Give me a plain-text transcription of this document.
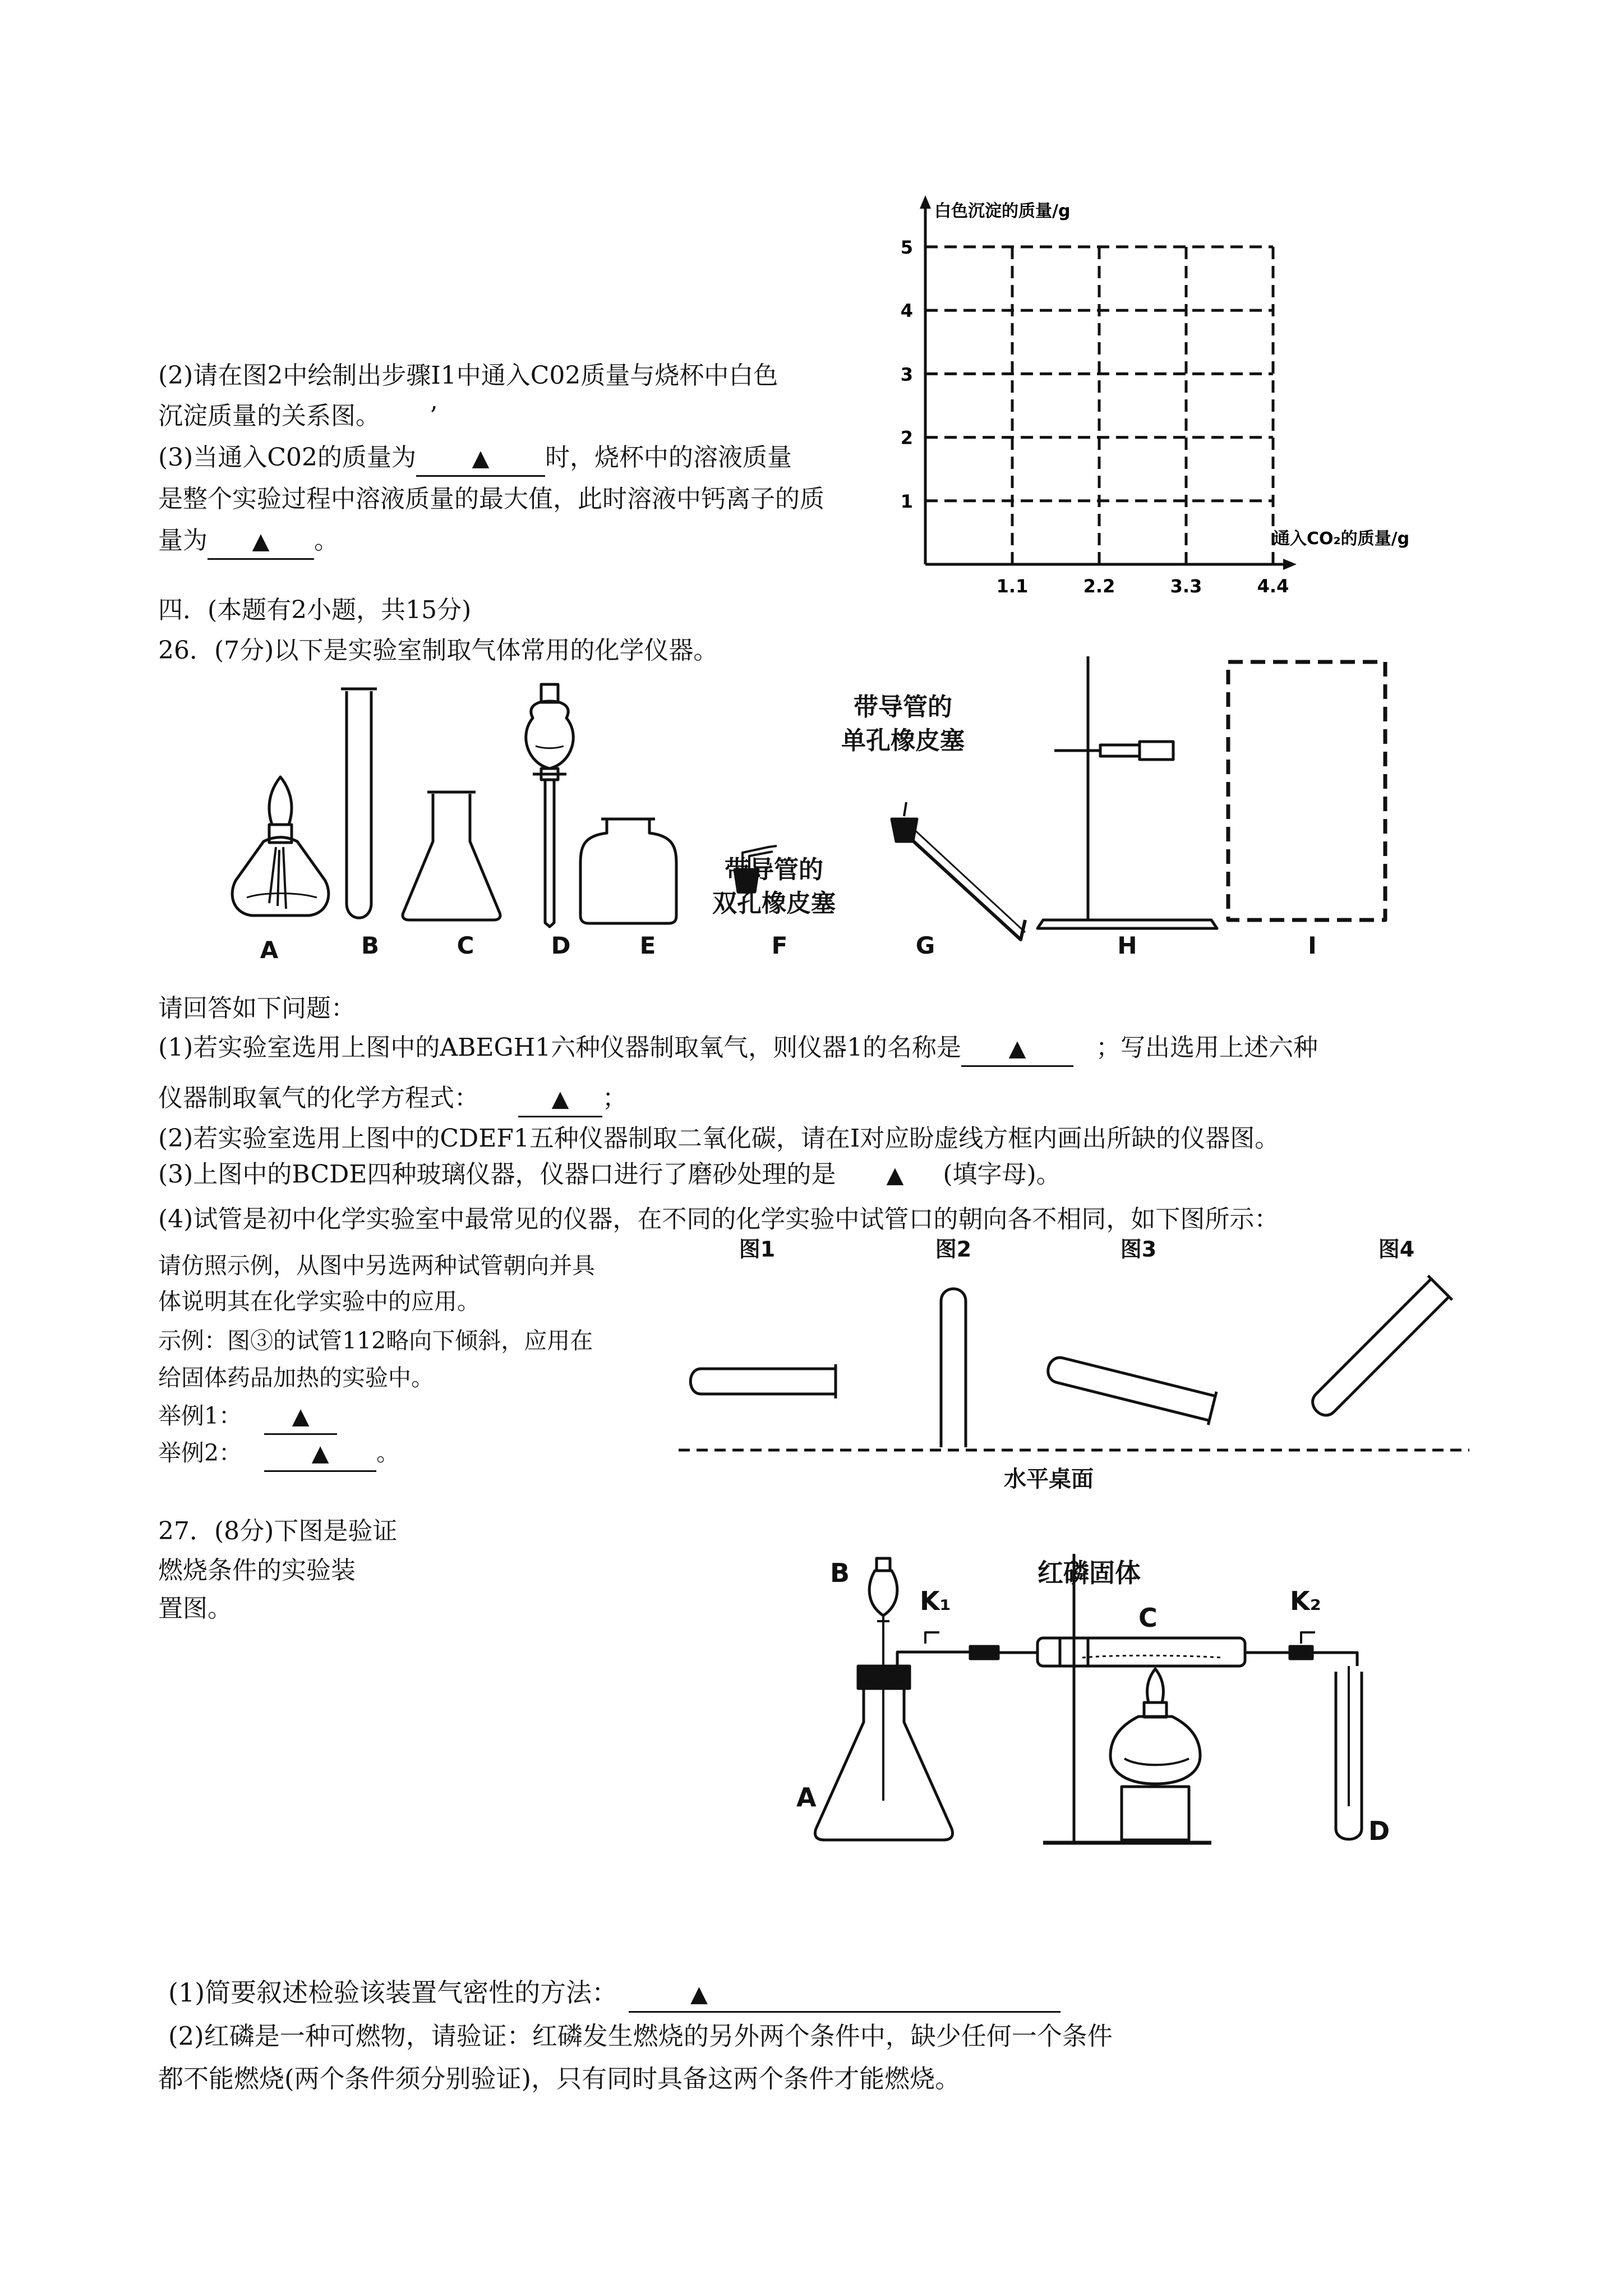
(2)请在图2中绘制出步骤I1中通入C02质量与烧杯中白色
沉淀质量的关系图。	’
(3)当通入C02的质量为 ▲ 时，烧杯中的溶液质量
是整个实验过程中溶液质量的最大值，此时溶液中钙离子的质
量为 ▲ 。
白色沉淀的质量/g
通入CO₂的质量/g
1
2
3
4
5
1.1	2.2	3.3	4.4
四．(本题有2小题，共15分)
26．(7分)以下是实验室制取气体常用的化学仪器。
A	B	C	D	E	F	G	H	I
带导管的
双孔橡皮塞
带导管的
单孔橡皮塞
请回答如下问题：
(1)若实验室选用上图中的ABEGH1六种仪器制取氧气，则仪器1的名称是 ▲	；写出选用上述六种
仪器制取氧气的化学方程式：	▲ ；
(2)若实验室选用上图中的CDEF1五种仪器制取二氧化碳，请在I对应盼虚线方框内画出所缺的仪器图。
(3)上图中的BCDE四种玻璃仪器，仪器口进行了磨砂处理的是 ▲ (填字母)。
(4)试管是初中化学实验室中最常见的仪器，在不同的化学实验中试管口的朝向各不相同，如下图所示：
请仿照示例，从图中另选两种试管朝向并具
体说明其在化学实验中的应用。
示例：图③的试管112略向下倾斜，应用在
给固体药品加热的实验中。
举例1： ▲
举例2：	▲ 。
图1	图2	图3	图4
水平桌面
27．(8分)下图是验证
燃烧条件的实验装
置图。
B
K₁
红磷固体
C
K₂
A
D
(1)简要叙述检验该装置气密性的方法：	▲
(2)红磷是一种可燃物，请验证：红磷发生燃烧的另外两个条件中，缺少任何一个条件
都不能燃烧(两个条件须分别验证)，只有同时具备这两个条件才能燃烧。
